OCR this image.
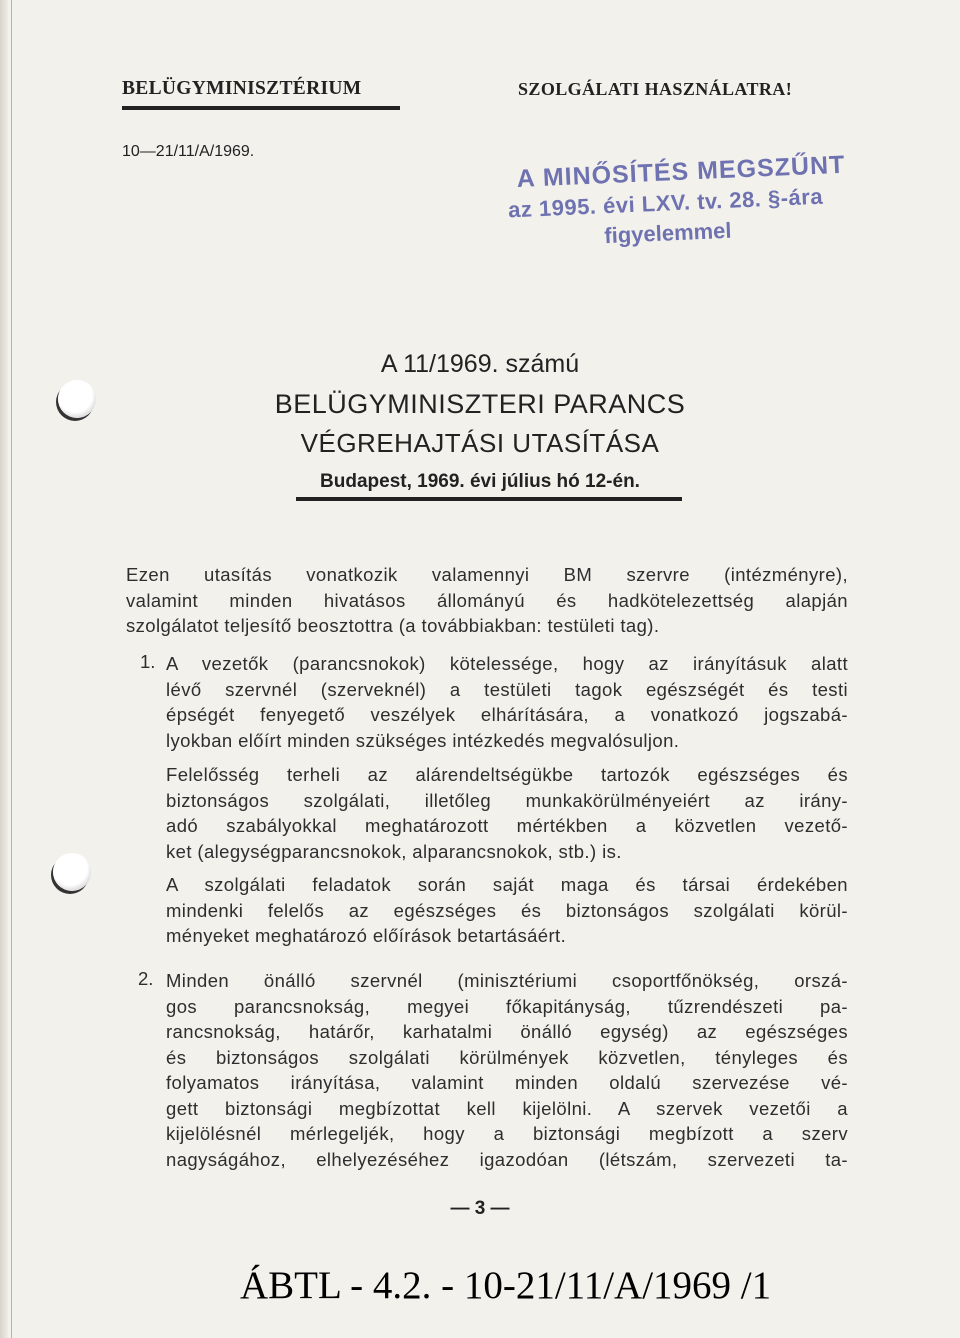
BELÜGYMINISZTÉRIUM	SZOLGÁLATI HASZNÁLATRA!
10—21/11/A/1969.	A MINŐSÍTÉS MEGSZŰNT
az 1995. évi LXV. tv. 28. §-ára
figyelemmel
A 11/1969. számú
BELÜGYMINISZTERI PARANCS
VÉGREHAJTÁSI UTASÍTÁSA
Budapest, 1969. évi július hó 12-én.
Ezen utasítás vonatkozik valamennyi BM szervre (intézményre),
valamint minden hivatásos állományú és hadkötelezettség alapján
szolgálatot teljesítő beosztottra (a továbbiakban: testületi tag).
1. A vezetők (parancsnokok) kötelessége, hogy az irányításuk alatt
lévő szervnél (szerveknél) a testületi tagok egészségét és testi
épségét fenyegető veszélyek elhárítására, a vonatkozó jogszabá-
lyokban előírt minden szükséges intézkedés megvalósuljon.
Felelősség terheli az alárendeltségükbe tartozók egészséges és
biztonságos szolgálati, illetőleg munkakörülményeiért az irány-
adó szabályokkal meghatározott mértékben a közvetlen vezető-
ket (alegységparancsnokok, alparancsnokok, stb.) is.
A szolgálati feladatok során saját maga és társai érdekében
mindenki felelős az egészséges és biztonságos szolgálati körül-
ményeket meghatározó előírások betartásáért.
2. Minden önálló szervnél (minisztériumi csoportfőnökség, orszá-
gos parancsnokság, megyei főkapitányság, tűzrendészeti pa-
rancsnokság, határőr, karhatalmi önálló egység) az egészséges
és biztonságos szolgálati körülmények közvetlen, tényleges és
folyamatos irányítása, valamint minden oldalú szervezése vé-
gett biztonsági megbízottat kell kijelölni. A szervek vezetői a
kijelölésnél mérlegeljék, hogy a biztonsági megbízott a szerv
nagyságához, elhelyezéséhez igazodóan (létszám, szervezeti ta-
— 3 —
ÁBTL - 4.2. - 10-21/11/A/1969 /1
